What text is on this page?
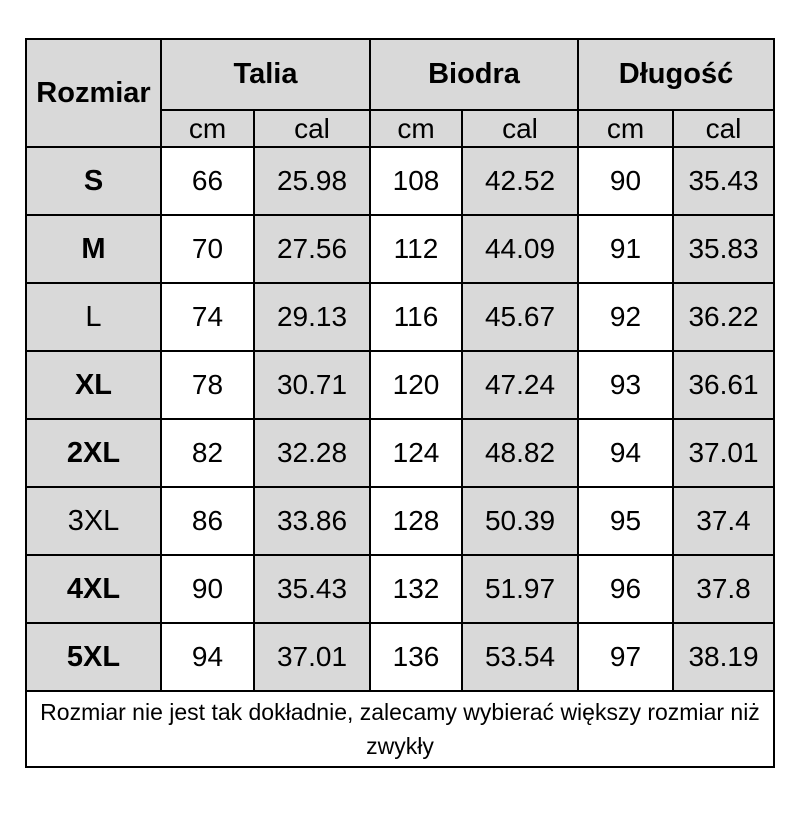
Rozmiar	Talia		Biodra		Długość	
	cm	cal	cm	cal	cm	cal
S	66	25.98	108	42.52	90	35.43
M	70	27.56	112	44.09	91	35.83
L	74	29.13	116	45.67	92	36.22
XL	78	30.71	120	47.24	93	36.61
2XL	82	32.28	124	48.82	94	37.01
3XL	86	33.86	128	50.39	95	37.4
4XL	90	35.43	132	51.97	96	37.8
5XL	94	37.01	136	53.54	97	38.19
Rozmiar nie jest tak dokładnie, zalecamy wybierać większy rozmiar niż zwykły						
